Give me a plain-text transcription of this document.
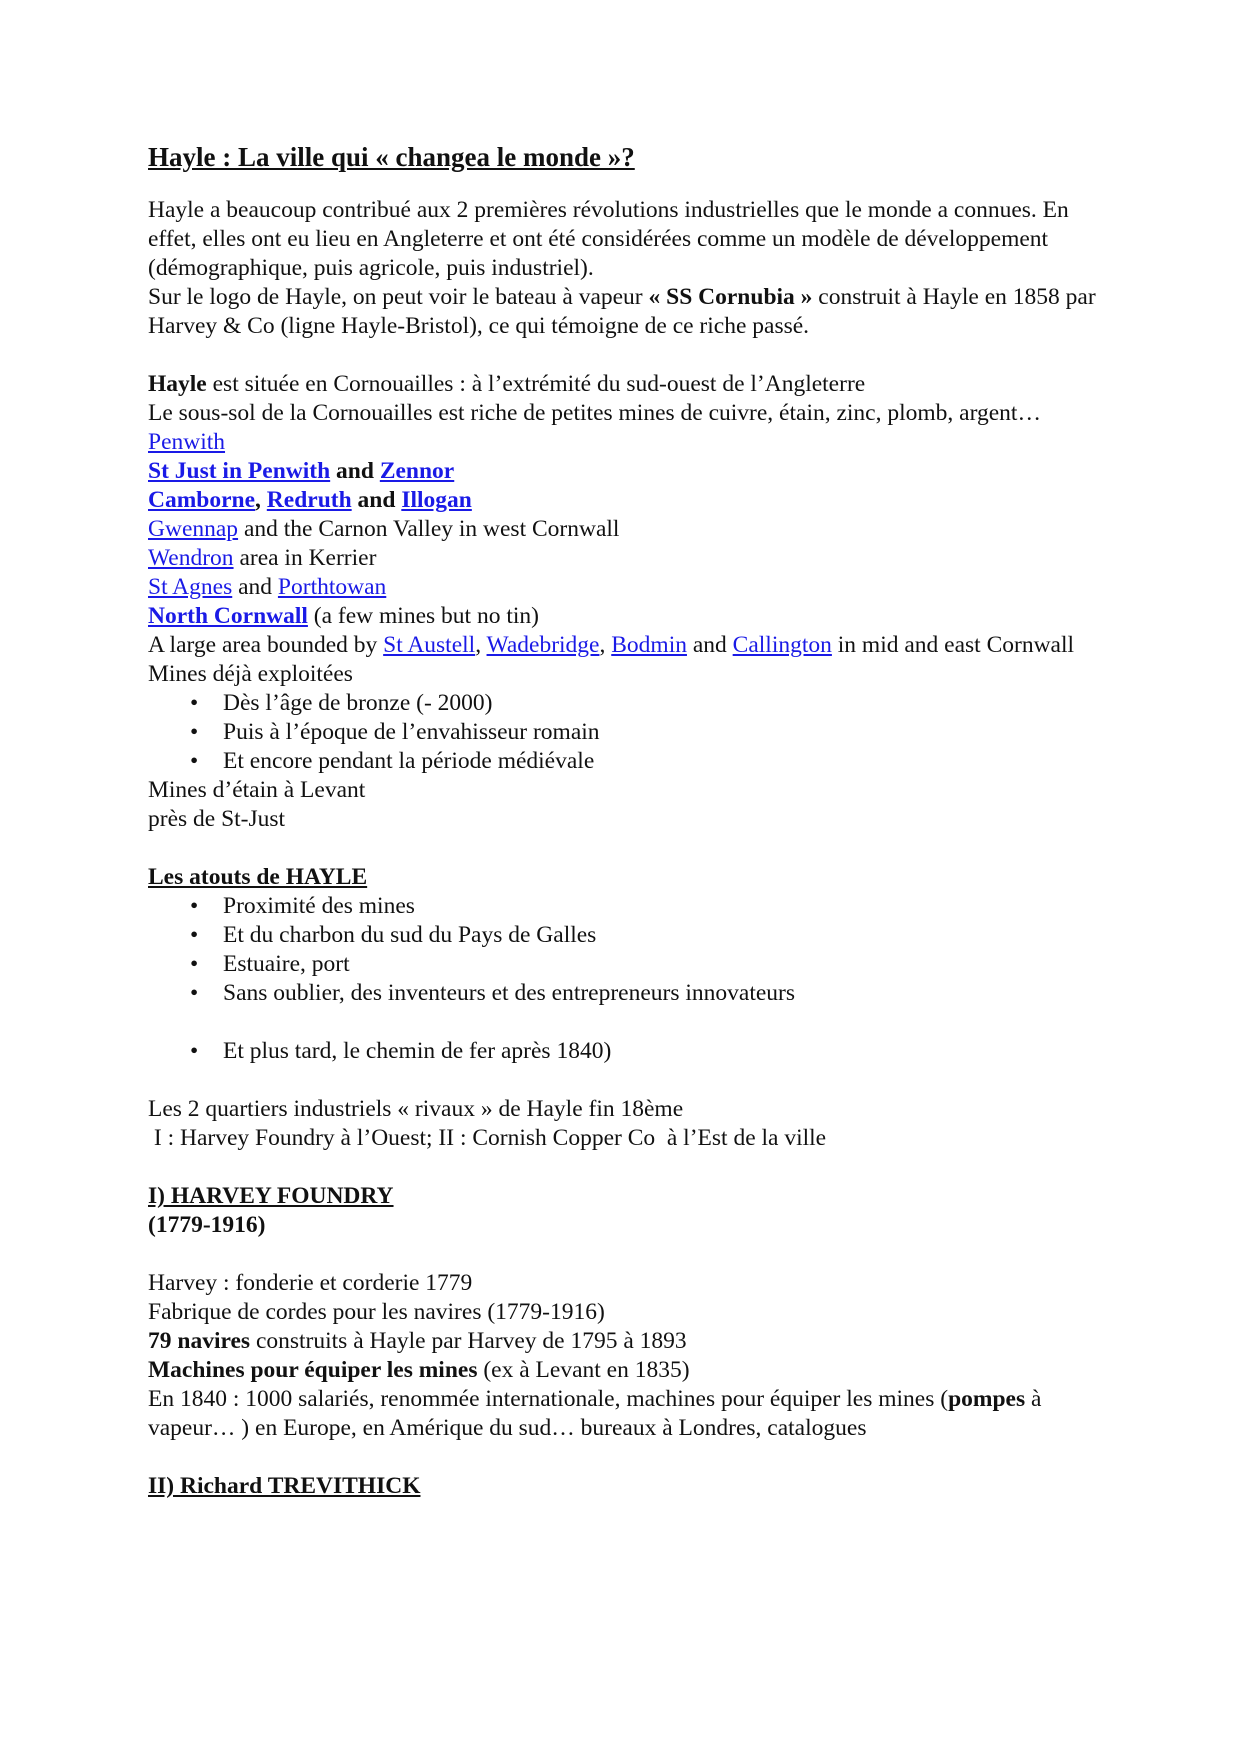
Hayle : La ville qui « changea le monde »?

Hayle a beaucoup contribué aux 2 premières révolutions industrielles que le monde a connues. En effet, elles ont eu lieu en Angleterre et ont été considérées comme un modèle de développement (démographique, puis agricole, puis industriel).
Sur le logo de Hayle, on peut voir le bateau à vapeur « SS Cornubia » construit à Hayle en 1858 par Harvey & Co (ligne Hayle-Bristol), ce qui témoigne de ce riche passé.

Hayle est située en Cornouailles : à l’extrémité du sud-ouest de l’Angleterre

Le sous-sol de la Cornouailles est riche de petites mines de cuivre, étain, zinc, plomb, argent…

Penwith

St Just in Penwith and Zennor

Camborne, Redruth and Illogan

Gwennap and the Carnon Valley in west Cornwall

Wendron area in Kerrier

St Agnes and Porthtowan

North Cornwall (a few mines but no tin)

A large area bounded by St Austell, Wadebridge, Bodmin and Callington in mid and east Cornwall

Mines déjà exploitées

• Dès l’âge de bronze (- 2000)
• Puis à l’époque de l’envahisseur romain
• Et encore pendant la période médiévale

Mines d’étain à Levant

près de St-Just

Les atouts de HAYLE

• Proximité des mines
• Et du charbon du sud du Pays de Galles
• Estuaire, port
• Sans oublier, des inventeurs et des entrepreneurs innovateurs
• Et plus tard, le chemin de fer après 1840)

Les 2 quartiers industriels « rivaux » de Hayle fin 18ème

I : Harvey Foundry à l’Ouest; II : Cornish Copper Co  à l’Est de la ville

I) HARVEY FOUNDRY

(1779-1916)

Harvey : fonderie et corderie 1779

Fabrique de cordes pour les navires (1779-1916)

79 navires construits à Hayle par Harvey de 1795 à 1893

Machines pour équiper les mines (ex à Levant en 1835)

En 1840 : 1000 salariés, renommée internationale, machines pour équiper les mines (pompes à vapeur… ) en Europe, en Amérique du sud… bureaux à Londres, catalogues

II) Richard TREVITHICK
